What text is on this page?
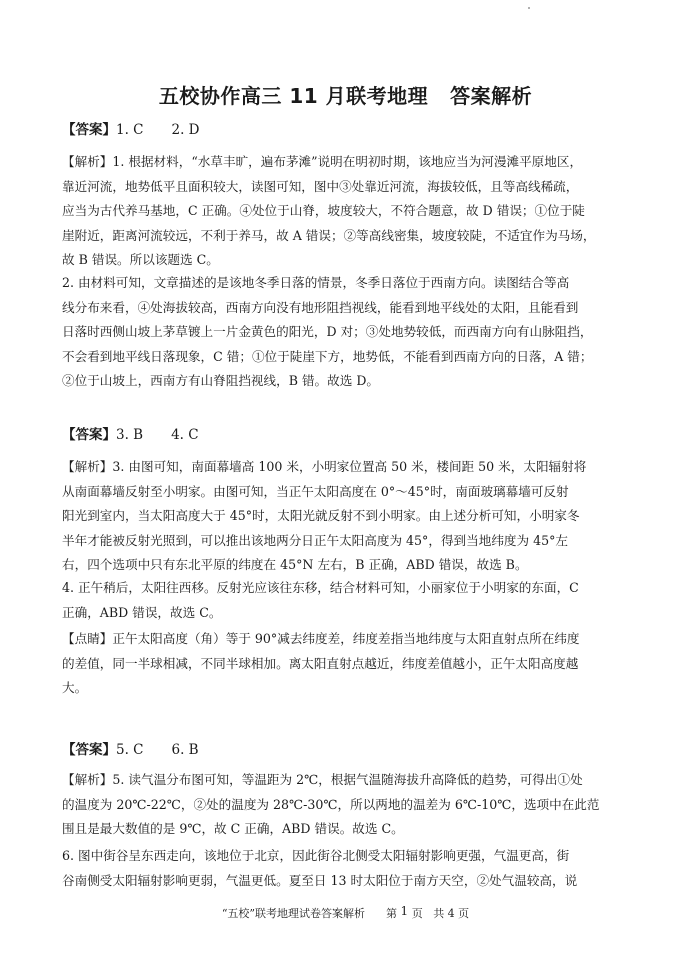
五校协作高三 11 月联考地理 答案解析
【答案】1. C 2. D
【解析】1. 根据材料，“水草丰旷，遍布茅滩”说明在明初时期，该地应当为河漫滩平原地区，
靠近河流，地势低平且面积较大，读图可知，图中③处靠近河流，海拔较低，且等高线稀疏，
应当为古代养马基地，C 正确。④处位于山脊，坡度较大，不符合题意，故 D 错误；①位于陡
崖附近，距离河流较远，不利于养马，故 A 错误；②等高线密集，坡度较陡，不适宜作为马场，
故 B 错误。所以该题选 C。
2. 由材料可知，文章描述的是该地冬季日落的情景，冬季日落位于西南方向。读图结合等高
线分布来看，④处海拔较高，西南方向没有地形阻挡视线，能看到地平线处的太阳，且能看到
日落时西侧山坡上茅草镀上一片金黄色的阳光，D 对；③处地势较低，而西南方向有山脉阻挡，
不会看到地平线日落现象，C 错；①位于陡崖下方，地势低，不能看到西南方向的日落，A 错；
②位于山坡上，西南方有山脊阻挡视线，B 错。故选 D。
【答案】3. B 4. C
【解析】3. 由图可知，南面幕墙高 100 米，小明家位置高 50 米，楼间距 50 米，太阳辐射将
从南面幕墙反射至小明家。由图可知，当正午太阳高度在 0°～45°时，南面玻璃幕墙可反射
阳光到室内，当太阳高度大于 45°时，太阳光就反射不到小明家。由上述分析可知，小明家冬
半年才能被反射光照到，可以推出该地两分日正午太阳高度为 45°，得到当地纬度为 45°左
右，四个选项中只有东北平原的纬度在 45°N 左右，B 正确，ABD 错误，故选 B。
4. 正午稍后，太阳往西移。反射光应该往东移，结合材料可知，小丽家位于小明家的东面，C
正确，ABD 错误，故选 C。
【点睛】正午太阳高度（角）等于 90°减去纬度差，纬度差指当地纬度与太阳直射点所在纬度
的差值，同一半球相减，不同半球相加。离太阳直射点越近，纬度差值越小，正午太阳高度越
大。
【答案】5. C 6. B
【解析】5. 读气温分布图可知，等温距为 2℃，根据气温随海拔升高降低的趋势，可得出①处
的温度为 20℃-22℃，②处的温度为 28℃-30℃，所以两地的温差为 6℃-10℃，选项中在此范
围且是最大数值的是 9℃，故 C 正确，ABD 错误。故选 C。
6. 图中街谷呈东西走向，该地位于北京，因此街谷北侧受太阳辐射影响更强，气温更高，街
谷南侧受太阳辐射影响更弱，气温更低。夏至日 13 时太阳位于南方天空，②处气温较高，说
“五校”联考地理试卷答案解析 第 1 页 共 4 页
